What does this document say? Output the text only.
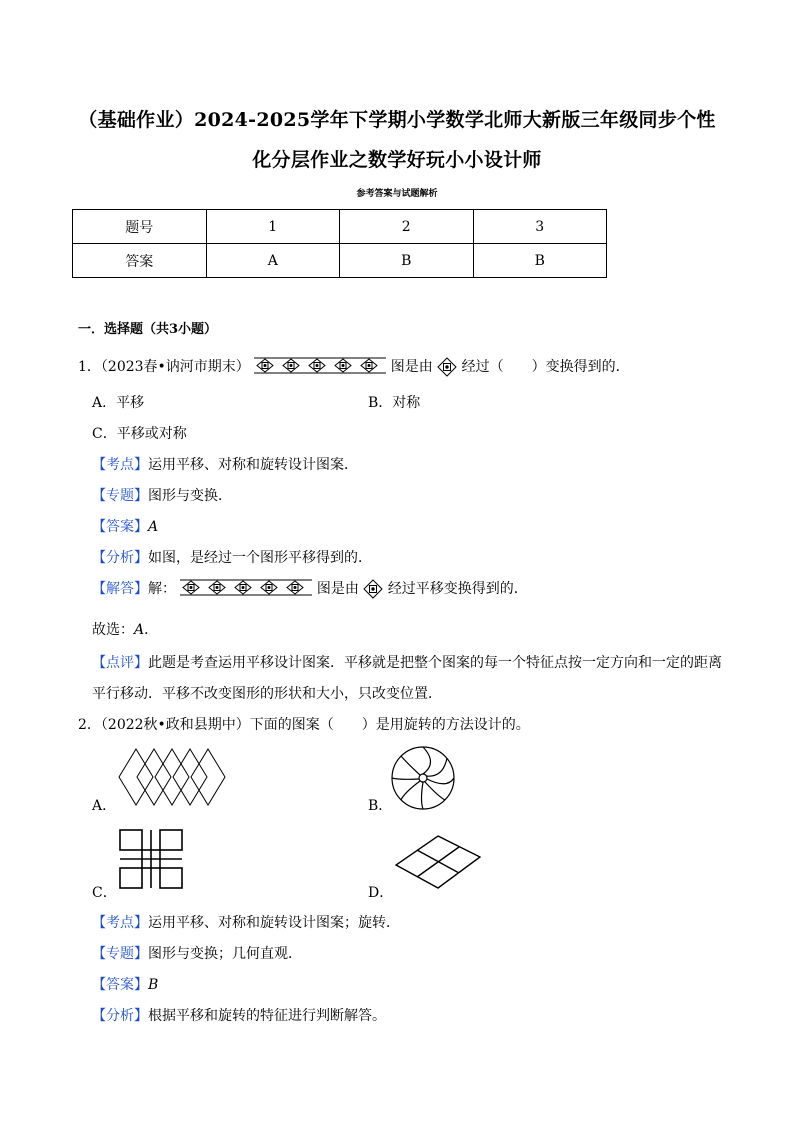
（基础作业）2024-2025学年下学期小学数学北师大新版三年级同步个性
化分层作业之数学好玩小小设计师
参考答案与试题解析
题号	1	2	3
答案	A	B	B
一．选择题（共3小题）
1．（2023春•讷河市期末）	图是由 经过（　　）变换得到的．
A．平移	B．对称
C．平移或对称
【考点】运用平移、对称和旋转设计图案．
【专题】图形与变换．
【答案】A
【分析】如图，是经过一个图形平移得到的．
【解答】解：	图是由 经过平移变换得到的．
故选：A．
【点评】此题是考查运用平移设计图案．平移就是把整个图案的每一个特征点按一定方向和一定的距离
平行移动．平移不改变图形的形状和大小，只改变位置．
2．（2022秋•政和县期中）下面的图案（　　）是用旋转的方法设计的。
A．	B．
C．	D．
【考点】运用平移、对称和旋转设计图案；旋转．
【专题】图形与变换；几何直观．
【答案】B
【分析】根据平移和旋转的特征进行判断解答。
